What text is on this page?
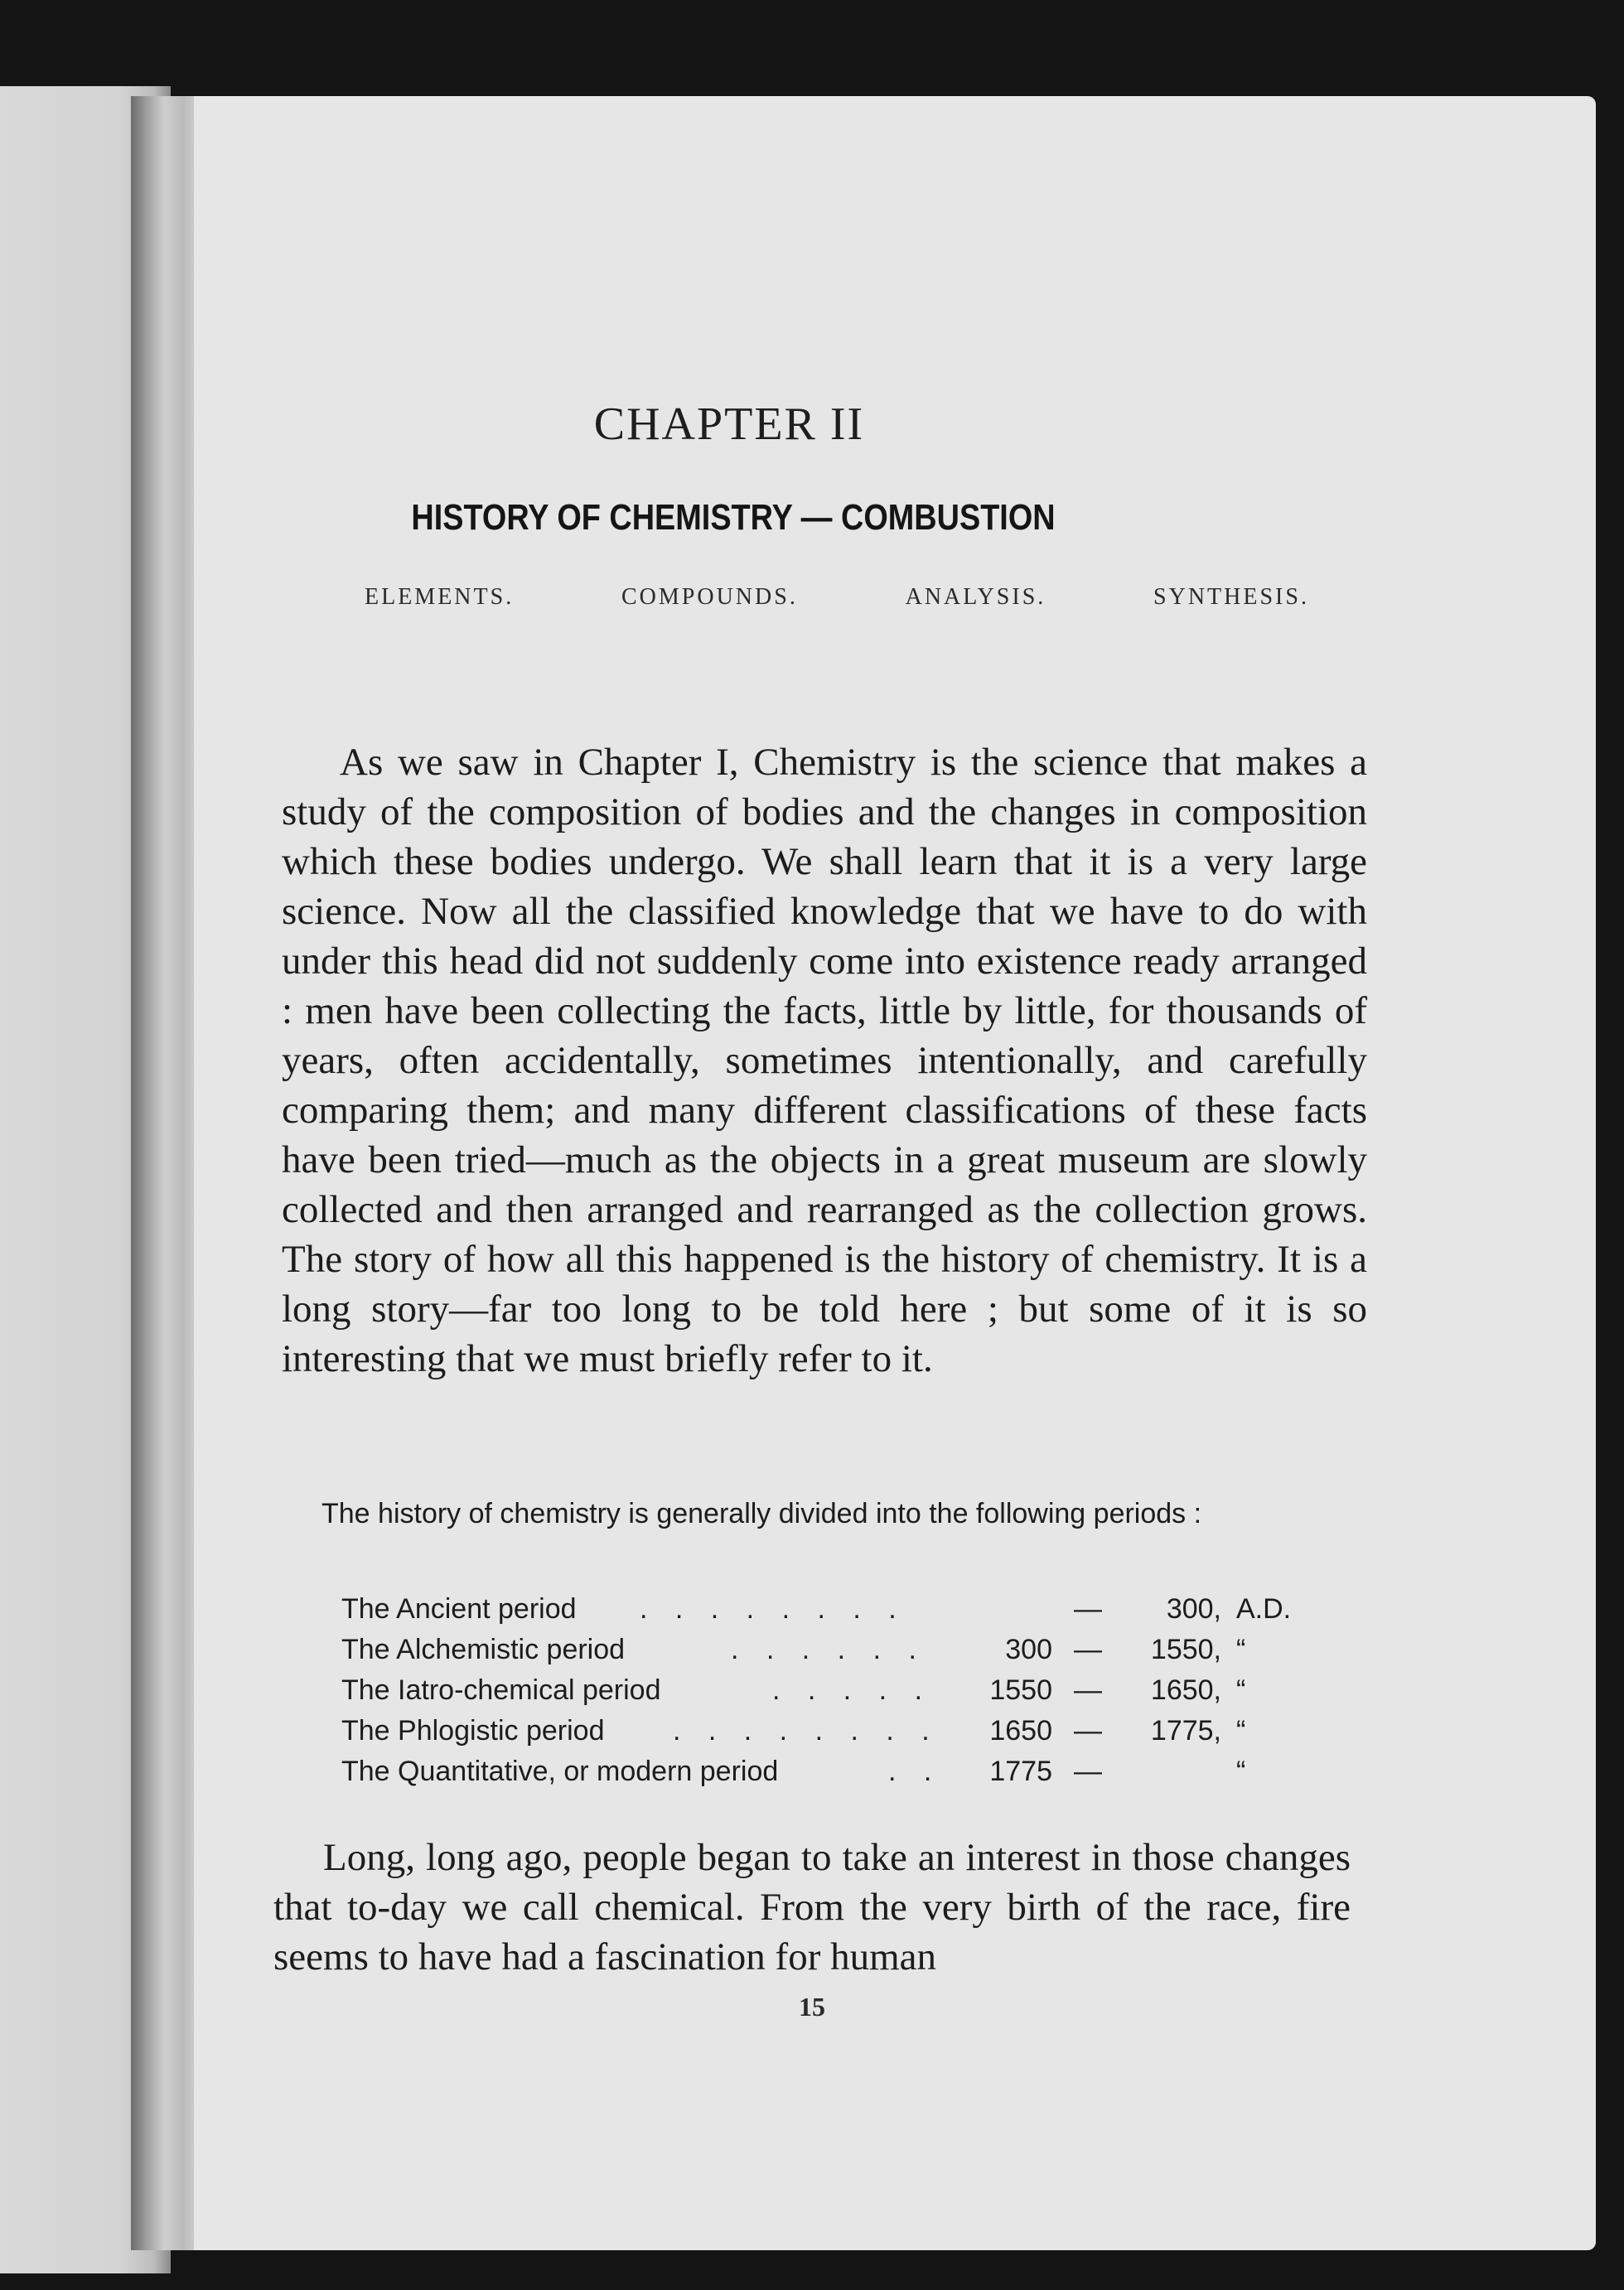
CHAPTER II
HISTORY OF CHEMISTRY — COMBUSTION
ELEMENTS.	COMPOUNDS.	ANALYSIS.	SYNTHESIS.

As we saw in Chapter I, Chemistry is the science that makes a study of the composition of bodies and the changes in composition which these bodies undergo. We shall learn that it is a very large science. Now all the classified knowledge that we have to do with under this head did not suddenly come into existence ready arranged : men have been collecting the facts, little by little, for thousands of years, often accidentally, sometimes intentionally, and carefully comparing them; and many different classifications of these facts have been tried—much as the objects in a great museum are slowly collected and then arranged and rearranged as the collection grows. The story of how all this happened is the history of chemistry. It is a long story—far too long to be told here ; but some of it is so interesting that we must briefly refer to it.

The history of chemistry is generally divided into the following periods :

The Ancient period . . . . . . . .	—	300, A.D.
The Alchemistic period	. . . . . .	300 —	1550, “
The Iatro-chemical period	. . . . .	1550 —	1650, “
The Phlogistic period . . . . . . . .	1650 —	1775, “
The Quantitative, or modern period	. .	1775 —	“

Long, long ago, people began to take an interest in those changes that to-day we call chemical. From the very birth of the race, fire seems to have had a fascination for human

15
